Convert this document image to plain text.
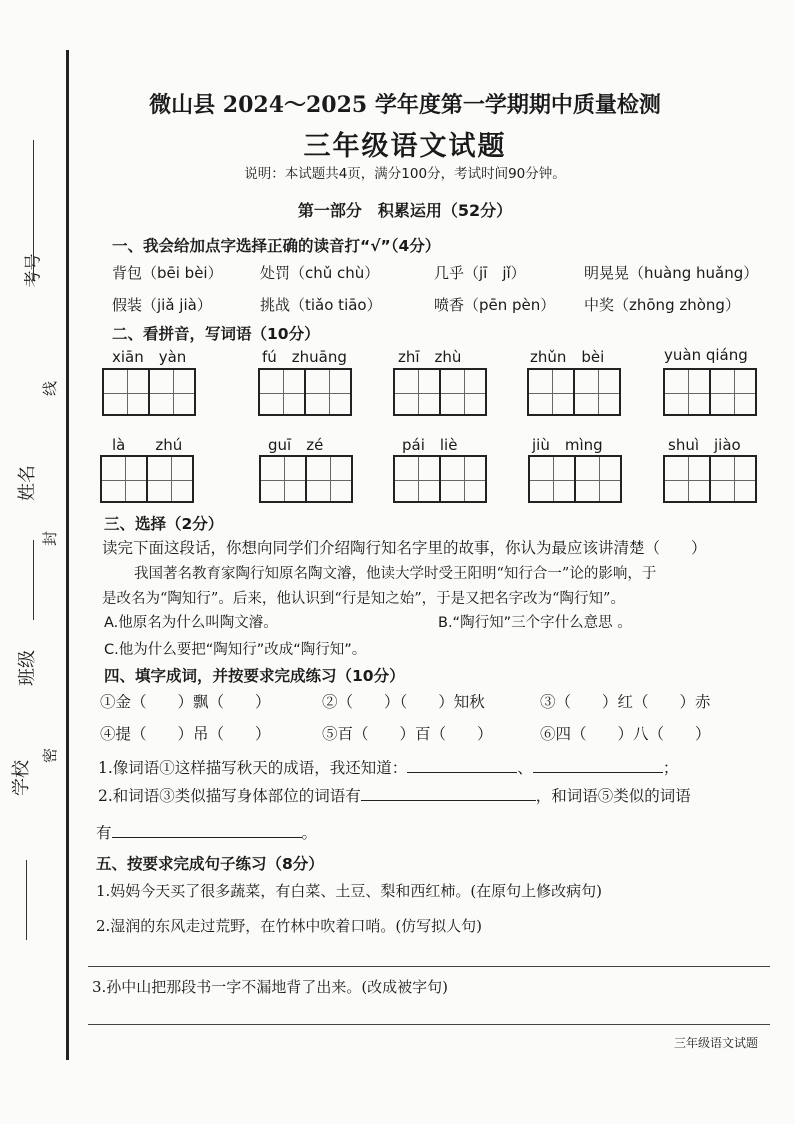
考号
线
姓名
封
班级
密
学校
微山县 2024～2025 学年度第一学期期中质量检测
三年级语文试题
说明：本试题共4页，满分100分，考试时间90分钟。
第一部分　积累运用（52分）
一、我会给加点字选择正确的读音打“√”（4分）
背包（bēi bèi） 处罚（chǔ chù）	几乎（jī　jǐ）	明晃晃（huàng huǎng）
假装（jiǎ jià）	挑战（tiǎo tiāo）	喷香（pēn pèn） 中奖（zhōng zhòng）
二、看拼音，写词语（10分）
xiān　yàn	fú　zhuāng	zhī　zhù	zhǔn　bèi	yuàn qiáng
là　　zhú	guī　zé	pái　liè	jiù　mìng	shuì　jiào
三、选择（2分）
读完下面这段话，你想向同学们介绍陶行知名字里的故事，你认为最应该讲清楚（　　）
我国著名教育家陶行知原名陶文濬，他读大学时受王阳明“知行合一”论的影响，于
是改名为“陶知行”。后来，他认识到“行是知之始”，于是又把名字改为“陶行知”。
A.他原名为什么叫陶文濬。	B.“陶行知”三个字什么意思 。
C.他为什么要把“陶知行”改成“陶行知”。
四、填字成词，并按要求完成练习（10分）
①金（　　）飘（　　）	②（　　）（　　）知秋	③（　　）红（　　）赤
④提（　　）吊（　　）	⑤百（　　）百（　　）	⑥四（　　）八（　　）
1.像词语①这样描写秋天的成语，我还知道：	、	；
2.和词语③类似描写身体部位的词语有	，和词语⑤类似的词语
有	。
五、按要求完成句子练习（8分）
1.妈妈今天买了很多蔬菜，有白菜、土豆、梨和西红柿。(在原句上修改病句)
2.湿润的东风走过荒野，在竹林中吹着口哨。(仿写拟人句)
3.孙中山把那段书一字不漏地背了出来。(改成被字句)
三年级语文试题
